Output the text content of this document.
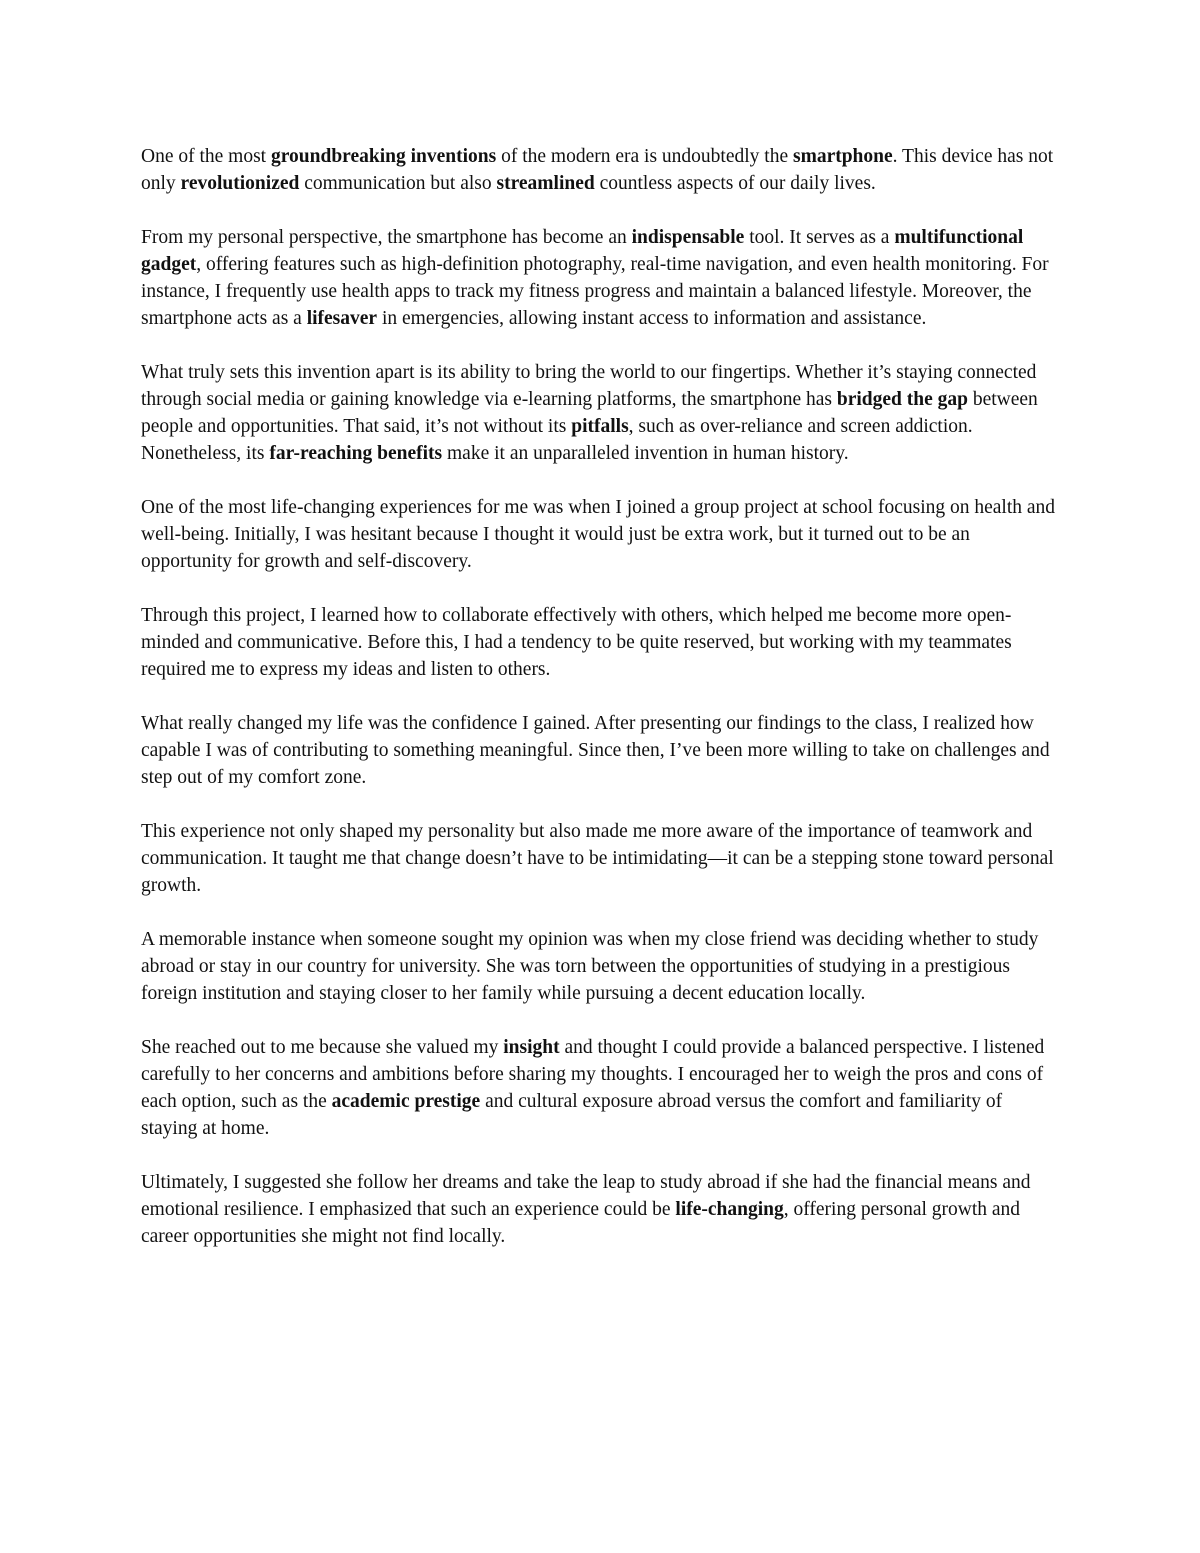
One of the most groundbreaking inventions of the modern era is undoubtedly the smartphone. This device has not only revolutionized communication but also streamlined countless aspects of our daily lives.

From my personal perspective, the smartphone has become an indispensable tool. It serves as a multifunctional gadget, offering features such as high-definition photography, real-time navigation, and even health monitoring. For instance, I frequently use health apps to track my fitness progress and maintain a balanced lifestyle. Moreover, the smartphone acts as a lifesaver in emergencies, allowing instant access to information and assistance.

What truly sets this invention apart is its ability to bring the world to our fingertips. Whether it’s staying connected through social media or gaining knowledge via e-learning platforms, the smartphone has bridged the gap between people and opportunities. That said, it’s not without its pitfalls, such as over-reliance and screen addiction. Nonetheless, its far-reaching benefits make it an unparalleled invention in human history.

One of the most life-changing experiences for me was when I joined a group project at school focusing on health and well-being. Initially, I was hesitant because I thought it would just be extra work, but it turned out to be an opportunity for growth and self-discovery.

Through this project, I learned how to collaborate effectively with others, which helped me become more open-minded and communicative. Before this, I had a tendency to be quite reserved, but working with my teammates required me to express my ideas and listen to others.

What really changed my life was the confidence I gained. After presenting our findings to the class, I realized how capable I was of contributing to something meaningful. Since then, I’ve been more willing to take on challenges and step out of my comfort zone.

This experience not only shaped my personality but also made me more aware of the importance of teamwork and communication. It taught me that change doesn’t have to be intimidating—it can be a stepping stone toward personal growth.

A memorable instance when someone sought my opinion was when my close friend was deciding whether to study abroad or stay in our country for university. She was torn between the opportunities of studying in a prestigious foreign institution and staying closer to her family while pursuing a decent education locally.

She reached out to me because she valued my insight and thought I could provide a balanced perspective. I listened carefully to her concerns and ambitions before sharing my thoughts. I encouraged her to weigh the pros and cons of each option, such as the academic prestige and cultural exposure abroad versus the comfort and familiarity of staying at home.

Ultimately, I suggested she follow her dreams and take the leap to study abroad if she had the financial means and emotional resilience. I emphasized that such an experience could be life-changing, offering personal growth and career opportunities she might not find locally.
